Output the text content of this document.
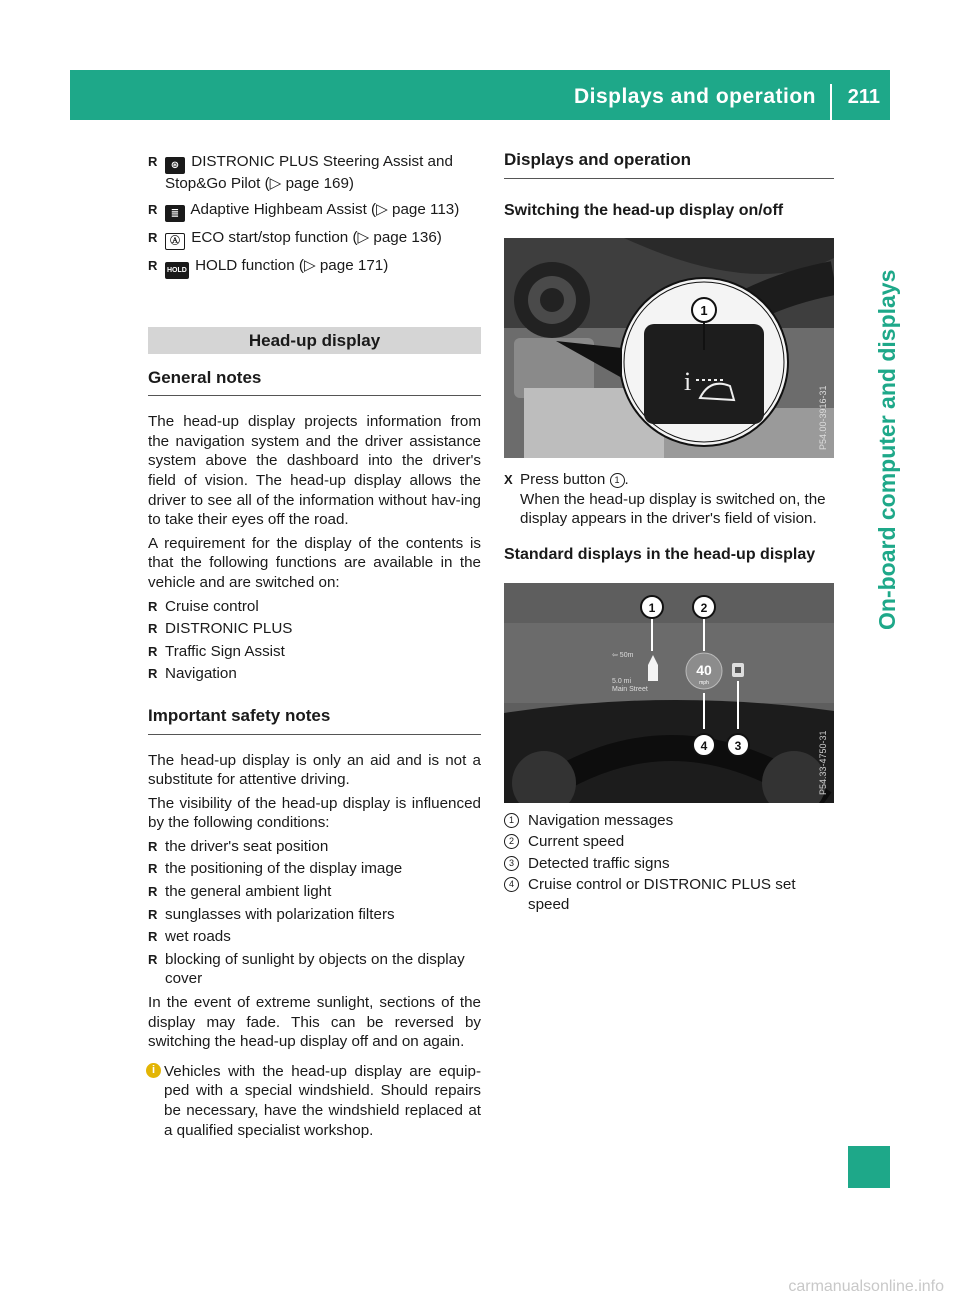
Displays and operation 211
On-board computer and displays
R ⊛ DISTRONIC PLUS Steering Assist and Stop&Go Pilot (▷ page 169)
R ≣ Adaptive Highbeam Assist (▷ page 113)
R Ⓐ ECO start/stop function (▷ page 136)
R HOLD HOLD function (▷ page 171)
Head-up display
General notes

The head-up display projects information from the navigation system and the driver assistance system above the dashboard into the driver's field of vision. The head-up display allows the driver to see all of the information without hav-ing to take their eyes off the road.

A requirement for the display of the contents is that the following functions are available in the vehicle and are switched on:

R Cruise control
R DISTRONIC PLUS
R Traffic Sign Assist
R Navigation
Important safety notes

The head-up display is only an aid and is not a substitute for attentive driving.

The visibility of the head-up display is influenced by the following conditions:

R the driver's seat position
R the positioning of the display image
R the general ambient light
R sunglasses with polarization filters
R wet roads
R blocking of sunlight by objects on the display cover

In the event of extreme sunlight, sections of the display may fade. This can be reversed by switching the head-up display off and on again.

i Vehicles with the head-up display are equip-ped with a special windshield. Should repairs be necessary, have the windshield replaced at a qualified specialist workshop.
Displays and operation
Switching the head-up display on/off
1
i
P54.00-3916-31
X Press button 1 .
When the head-up display is switched on, the display appears in the driver's field of vision.
Standard displays in the head-up display
⇦ 50m
5.0 mi
Main Street
40
mph
1	2
3
4	P54.33-4750-31
1 Navigation messages
2 Current speed
3 Detected traffic signs
4 Cruise control or DISTRONIC PLUS set speed
carmanualsonline.info
